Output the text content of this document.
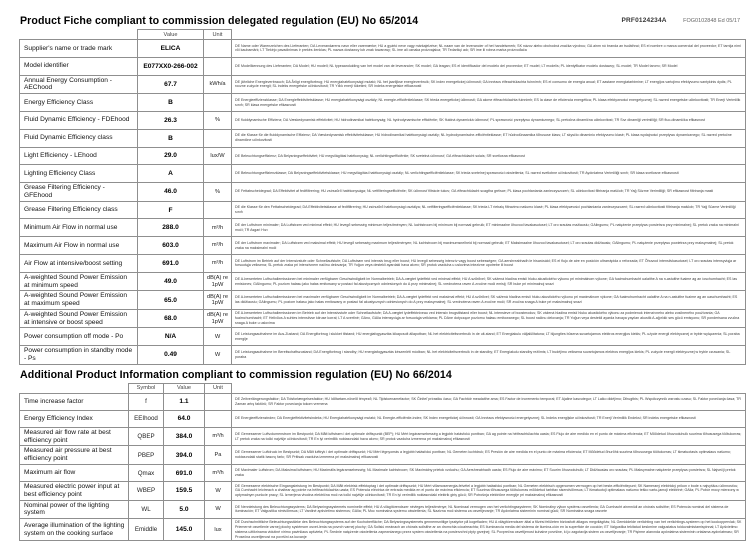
PRF0124234A	FOG0102848 Ed 05/17
Product Fiche compliant to commission delegated regulation (EU) No 65/2014
	Value	Unit	
Supplier's name or trade mark	ELICA		DE Name oder Warenzeichen des Lieferanten; DA Leverandørens navn eller varemærke; HU a gyártó neve vagy márkajelzése; NL naam van de leverancier of het handelsmerk; SK názov alebo obchodná značka výrobcu; GA ainm nó branda an tsoláthraí; ES el nombre o marca comercial del proveedor; ET tarnija nimi või kaubamärk; LT Tiekėjo pavadinimas ir prekės ženklas; PL nazwa dostawcy lub znak towarowy; SL ime ali oznaka proizvajalca; TR Tedarikçi adı; SR ime ili robna marka proizvođača
Model identifier	E077XX0-266-002		DE Modellkennung des Lieferanten; DA Model; HU modell; NL typeaanduiding van het model van de leverancier; SK model; GA leagan; ES el identificador del modelo del proveedor; ET mudel; LT modelis; PL identyfikator modelu dostawcy; SL model; TR Model tanımı; SR Model
Annual Energy Consumption - AEChood	67.7	kWh/a	DE jährliche Energieverbrauch; DA Årligt energiforbrug; HU energiahatékonysági mutató; NL het jaarlijkse energieverbruik; SK index energetickej účinnosti; GA innéacs éifeachtúlachta fuinnimh; ES el consumo de energía anual; ET aastane energiatarbimine; LT energijos vartojimo efektyvumo santykinis dydis; PL roczne zużycie energii; SL indeks energetske učinkovitosti; TR Yıllık enerji tüketimi; SR indeks energetske efikasnosti
Energy Efficiency Class	B		DE Energieeffizienzklasse; DA Energieffektivitetsklasse; HU energiahatékonysági osztály; NL energie-efficiëntieklasse; SK trieda energetickej účinnosti; GA aicme éifeachtúlachta fuinnimh; ES la clase de eficiencia energética; PL klasa efektywności energetycznej; SL razred energetske učinkovitosti; TR Enerji Verimlilik sınıfı; SR klasa energetske efikasnosti
Fluid Dynamic Efficiency - FDEhood	26.3	%	DE fluiddynamische Effizienz; DA Væskedynamisk effektivitet; HU hidrodinamikai hatékonyság; NL hydrodynamische efficiëntie; SK fluidná dynamická účinnosť; PL sprawność przepływu dynamicznego; SL pretočna dinamična učinkovitost; TR Sıvı dinamiği verimliliği; SR fluo-dinamička efikasnost
Fluid Dynamic Efficiency class	B		DE die Klasse für die fluiddynamische Effizienz; DA Væskedynamisk effektivitetsklasse; HU hidrodinamikai hatékonysági osztály; NL hydrodynamische-efficiëntieklasse; ET hüdrodünaamika tõhususe klass; LT skysčio dinaminio efektyvumo klasė; PL klasa wydajności przepływu dynamicznego; SL razred pretočne dinamične učinkovitosti
Light Efficiency - LEhood	29.0	lux/W	DE Beleuchtungseffizienz; DA Belysningseffektivitet; HU megvilágítási hatékonyság; NL verlichtingsefficiëntie; SK svetelná účinnosť; GA éifeachtúlacht solais; SR svetlosna efikasnost
Lighting Efficiency Class	A		DE Beleuchtungseffizienzklasse; DA Belysningseffektivitetsklasse; HU megvilágítási hatékonysági osztály; NL verlichtingsefficiëntieklasse; SK trieda svetelnej sprawności oświetlenia; SL razred svetlobne učinkovitosti; TR Aydınlatma Verimliliği sınıfı; SR klasa svetlosne efikasnosti
Grease Filtering Efficiency - GFEhood	46.0	%	DE Fettabscheidegrad; DA Effektivitet af fedtfiltrering; HU zsírszűrő hatékonysága; NL vetfilteringsefficiëntie; SK účinnosť filtrácie tukov; GA éifeachtúlacht scagtha gréisce; PL klasa pochłaniania zanieczyszczeń; SL učinkovitost filtriranja maščob; TR Yağ Süzme Verimliliği; SR efikasnost filtriranja masti
Grease Filtering Efficiency class	F		DE die Klasse für den Fettabscheidegrad; DA Effektivitetsklasse af fedtfiltrering; HU zsírszűrő hatékonysági osztálya; NL vetfilteringsefficiëntieklasse; SK trieda LT riebalų filtravimo našumo klasė; PL klasa efektywności pochłaniania zanieczyszczeń; SL razred učinkovitosti filtriranja maščob; TR Yağ Süzme Verimliliği sınıfı
Minimum Air Flow in normal use	288.0	m³/h	DE der Luftstrom minimaler; DA Luftstrøm ved minimal effekt; HU levegő sebesség minimum teljesítményen; NL luchtstroom bij minimum bij normaal gebruik; ET minimaalne õhuvool tavakasutusel; LT oro srautas mažiausiu; GAlingumu; PL natężenie przepływu powietrza przy minimalnej; SL pretok zraka na minimalni moči; TR Asgari Hızı
Maximum Air Flow in normal use	603.0	m³/h	DE der Luftstrom maximaler; DA Luftstrøm ved maksimal effekt; HU levegő sebesség maximum teljesítményen; NL luchtstroom bij maximumsnelheid bij normaal gebruik; ET Maksimaalne õhuvool tavakasutusel; LT oro srautas didžiausiu; GAlingumu; PL natężenie przepływu powietrza przy maksymalnej; SL pretok zraka na maksimalni moči
Air Flow at intensive/boost setting	691.0	m³/h	DE Luftstrom im Betrieb auf der Intensivstufe oder Schnellaufstufe; DA Luftstrøm ved intensiv brug eller boost; HU levegő sebesség intenzív vagy boost sebességen; GA aershreabhadh le hisarúsáid; ES el flujo de aire en posición ultrarrápida o reforzada; ET Õhuvool intensiivkasutusel; LT oro srautas intensyviąja ar forsuotąja veiksena; SL pretok zraka pri intenzivnem načinu delovanja; TR Yoğun veya destekli ayardaki hava akımı; SR protok vazduha u uslovima intezivne upotrebe ili boost
A-weighted Sound Power Emission at minimum speed	49.0	dB(A) re 1pW	DE A-bewerteten Luftschallemissionen bei minimaler verfügbarer Geschwindigkeit im Normalbetrieb; DA A-vægtet lydeffekt ved minimal effekt; HU A szűrővel; SK vážená hladina emisií hluku akustického výkonu pri minimálnom výkone; GA fuaimchumhacht ualaithe A na n-astuithe fuaime ag an íoschumhacht; ES las emisiones; GAlingumu; PL poziom hałasu jako hałas emitowany w postaci fal akustycznych odniesionych do A przy minimalnej; SL vrednotena raven A zvočne moči emisij; SR buke pri minimalnoj snazi
A-weighted Sound Power Emission at maximum speed	65.0	dB(A) re 1pW	DE A-bewerteten Luftschallemissionen bei maximaler verfügbarer Geschwindigkeit im Normalbetrieb; DA A-vægtet lydeffekt ved maksimal effekt; HU A szűrővel; SK vážená hladina emisií hluku akustického výkonu pri maximálnom výkone; GA fuaimchumhacht ualaithe A na n-astuithe fuaime ag an uaschumhacht; ES las didžiausiu; GAlingumu; PL poziom hałasu jako hałas emitowany w postaci fal akustycznych odniesionych do A przy maksymalnej; SL vrednotena raven A zvočne moči; SR zvučna snaga A buke pri maksimalnoj snazi
A-weighted Sound Power Emission at intensive or boost speed	68.0	dB(A) re 1pW	DE A-bewerteten Luftschallemissionen im Betrieb auf der Intensivstufe oder Schnellaufstufe; DA A-vægtet lydeffektniveau ved intensiv brugstilstand eller boost; NL intensieve of boostmodus; SK vážená hladina emisií hluku akustického výkonu za podmienok intenzívneho alebo zosilneného používania; GA fuaimchumhacht; ET Helivõos A suhtes intensiivse kiiruse korral; LT A svertinė; GAno, GAlia intensyviąja ar forsuotąja veikiama; PL DAne dotyczące poziomu hałasu emitowanego; SL boost načinu delovanja; TR Yoğun veya destekli ayarda havaya yayılan akustik A-ağırlıklı ses gücü emisyonu; SR ponderisana zvučna snaga A buke u uslovima
Power consumption off mode - Po	N/A	W	DE Leistungsaufnahme im Aus-Zustand; DA Energiforbrug i slukket tilstand; HU energiafogyasztás kikapcsolt állapotban; NL het elektriciteitsverbruik in de uit-stand; ET Energiakulu väljalülitatuna; LT išjungties būsena suvartojamos elektros energijos kiekis; PL użycie energii elektrycznej w trybie wyłączenia; SL poraba energije
Power consumption in standby mode - Ps	0.49	W	DE Leistungsaufnahme im Bereitschaftszustand; DA Energiforbrug i standby; HU energiafogyasztás készenléti módban; NL het elektriciteitsverbruik in de standby; ET Energiakulu standby režiimis; LT budėjimo veiksena suvartojamos elektros energijos kiekis; PL zużycie energii elektrycznej w trybie czuwania; SL poraba
Additional Product Information compliant to commission regulation (EU) No 66/2014
	Symbol	Value	Unit	
Time increase factor	f	1.1		DE Zeitverlängerungsfaktor; DA Tidsforlængelsesfaktor; HU Időtartam-növelő tényező; NL Tijdstoenamefactor; SK Činiteľ prírastku času; GA Fachtóir meadaithe ama; ES Factor de incremento temporal; ET Ajaline kasvutegur; LT Laiko didėjimo; Dihugtbis; PL Współczynnik wzrostu czasu; SL Faktor povečanja časa; TR Zaman artış faktörü; SR Faktor povećanja tokom vremena
Energy Efficiency Index	EEIhood	64.0		DE Energieeffizienzindex; DA Energieffektivitetsindeks; HU Energiahatékonysági mutató; NL Energie-efficiëntie-index; SK Index energetickej účinnosti; GA Innéacs efektywności energetycznej; SL Indeks energijske učinkovitosti; TR Enerji Verimlilik Endeksi; SR indeks energetske efikasnosti
Measured air flow rate at best efficiency point	QBEP	384.0	m³/h	DE Gemessener Luftvolumenstrom im Bestpunkt; DA Målt luftstrøm i det optimale driftspunkt (BEP); HU Mért legáramsebesség a legjobb hatásfokú pontban; GA ag pointe na héifeachtúlachta uasta; ES Flujo de aire medido en el punto de máxima eficiencia; ET Mõõdetud õhuvooluhulk suurima tõhususega töötukorras; LT pretok zraka na točki najvišje učinkovitosti; TR En iyi verimlilik noktasındaki hava akımı; SR protok vazduha izmerena pri maksimalnoj efikasnosti
Measured air pressure at best efficiency point	PBEP	394.0	Pa	DE Gemessener Luftdruck im Bestpunkt; DA Målt lufttryk i det optimale driftspunkt; HU Mért légnyomás a legjobb hatásfokú pontban; NL Gemeten luchtdruk; ES Presión de aire medida en el punto de máxima eficiencia; ET Mõõdetud õhurõhk suurima tõhususega töötukorras; LT išmatuotasis optimalaus našumo; noktasındaki statik basınç farkı; SR Pritisak vazduha izmerena pri maksimalnoj efikasnosti
Maximum air flow	Qmax	691.0	m³/h	DE Maximaler Luftstrom; DA Maksimal luftstrøm; HU Maximális legáramsebesség; NL Maximale luchtstroom; SK Maximálny prietok vzduchu; GA Aershreabhadh uasta; ES Flujo de aire máximo; ET Suurim õhuvooluhulk; LT Didžiausias oro srautas; PL Maksymalne natężenie przepływu powietrza; SL Največji pretok zraka
Measured electric power input at best efficiency point	WBEP	159.5	W	DE Gemessene elektrische Eingangsleistung im Bestpunkt; DA Målt elektrisk effektoptag i det optimale driftspunkt; HU Mért villamosenergia-felvétel a legjobb hatásfokú pontban; NL Gemeten elektrisch opgenomen vermogen op het beste-efficiëntiepunt; SK Nameraný elektrický príkon v bode s najvyššou účinnosťou; GA Cumhacht leictreach a chaitear ag pointe na héifeachtúlachta uasta; ES Potencia eléctrica de entrada medida en el punto de máxima eficiencia; ET Suurima tõhususega töötukorras mõõdetud tarbitav sisendvõimsus; LT išmatuotoji optimalaus našumo teško varto-jamoji elektrinė; GAlia; PL Pobór mocy mierzony w optymalnym punkcie pracy; SL Izmerjena vhodna električna moč na točki najvišje učinkovitosti; TR En iyi verimlilik noktasındaki elektrik giriş gücü; SR Potrošnja električne energije pri maksimalnoj efikasnosti
Nominal power of the lighting system	WL	5.0	W	DE Nennleistung des Beleuchtungssystems; DA Belysningssystemets nominelle effekt; HU A világítórendszer névleges teljesítménye; NL Nominaal vermogen van het verlichtingssysteem; SK Nominálny výkon systému osvetlenia; GA Cumhacht ainmniúil an chórais soilsithe; ES Potencia nominal del sistema de iluminación; ET Valgustika nimivõimsus; LT Vardinė apšvietimo sistemos; GAlia; PL Moc nominalna systemu oświetlenia; SL Nazivna moč sistema za osvetljevanje; TR Aydınlatma sisteminin nominal gücü; SR Nominalna snaga rasvete
Average illumination of the lighting system on the cooking surface	Emiddle	145.0	lux	DE Durchschnittliche Beleuchtungsstärke des Beleuchtungssystems auf der Kochoberfläche; DA Belysningssystemets gennemsnitlige lysstyrke på kogefladen; HU A világítórendszer által a főzési felületen biztosított átlagos megvilágítás; NL Gemiddelde verlichting van het verlichtings-systeem op het kookoppervlak; SK Priemerné osvetlenie varnej plochy systémom osvet-lenia na povrch varnej plochy; GA Soilsiú meánach an chórais soilsithe ar an dromchla cócaireachta; ES Iluminancia media del sistema de ilumina-ción en la superficie de cocción; ET Valgustika tekitatud keskmine valgustatus toiduvalmistamispinnal; LT Apšvietimo sistema užtikrinama vidutinė virimo paviršiaus apšvieta; PL Średnie natężenie oświetlenia zapewnianego przez system oświetlenia na powierzchni płyty grzejnej; SL Povprečna osvetljenost kuhalne površine, ki jo zagotavlja sistem za osvetljevanje; TR Pişirme alanında aydınlatma sisteminin ortalama aydınlatması; SR Prosečna osvetljenost na površini za kuvanje
